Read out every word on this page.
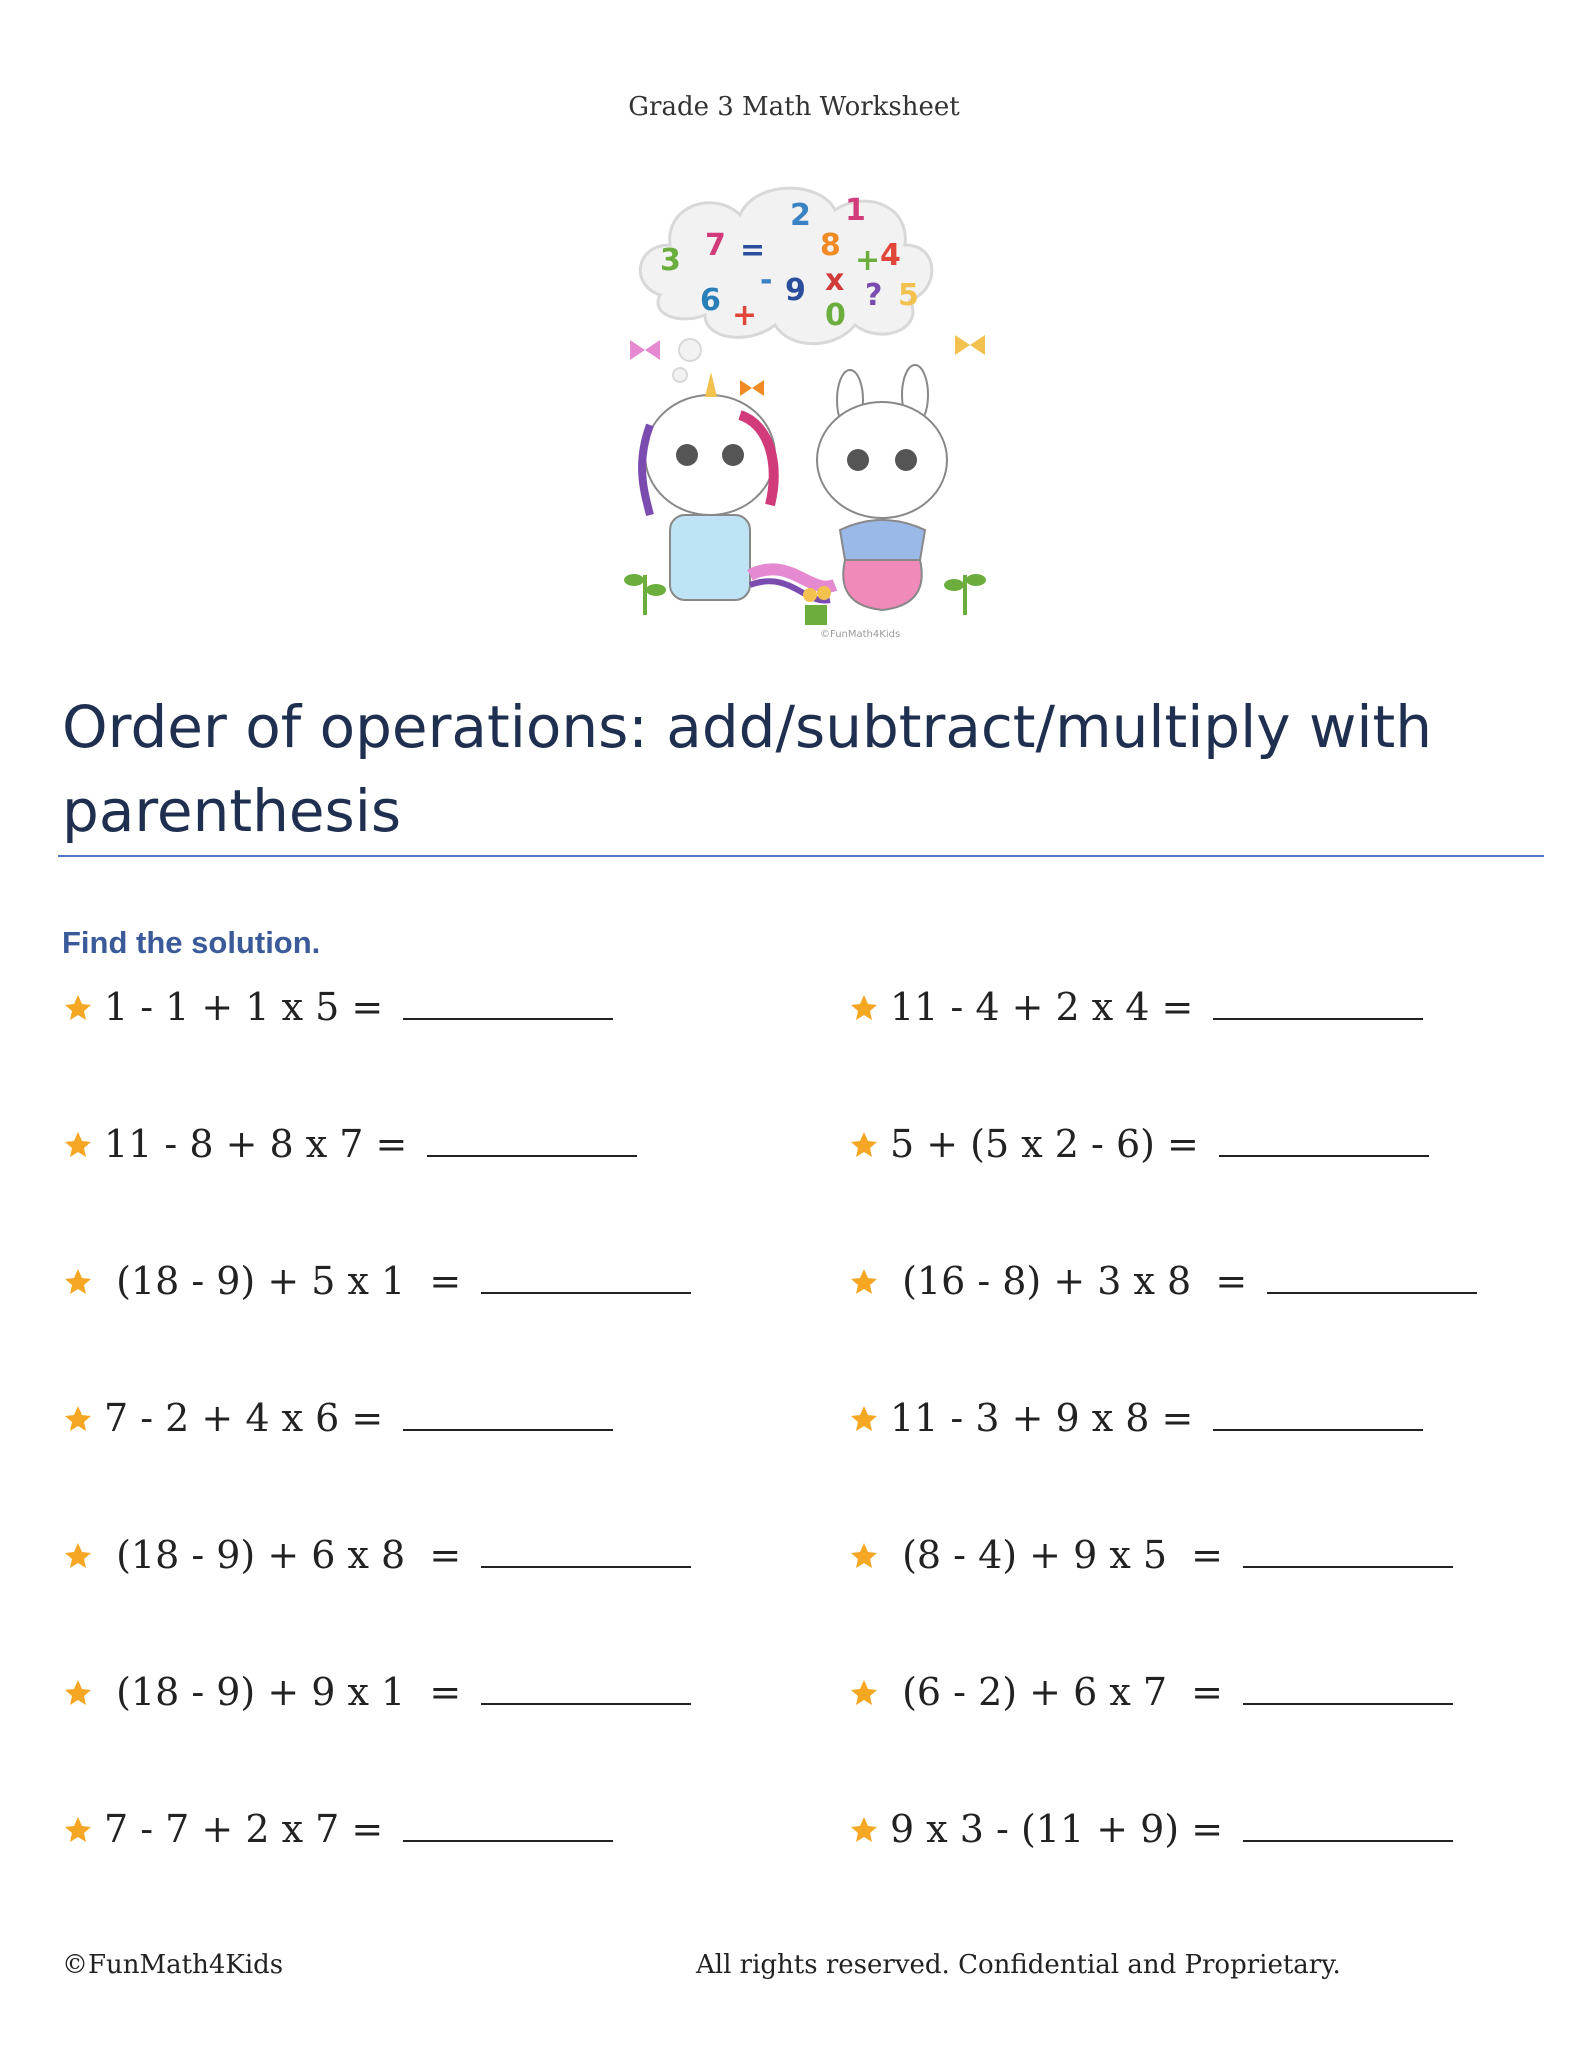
Grade 3 Math Worksheet
2 1
3 7 = 8 + 4
- 9 x
6 + 0
? 5
©FunMath4Kids
Order of operations: add/subtract/multiply with parenthesis
Find the solution.
1 - 1 + 1 x 5 =
11 - 8 + 8 x 7 =
(18 - 9) + 5 x 1  =
7 - 2 + 4 x 6 =
(18 - 9) + 6 x 8  =
(18 - 9) + 9 x 1  =
7 - 7 + 2 x 7 =
11 - 4 + 2 x 4 =
5 + (5 x 2 - 6) =
(16 - 8) + 3 x 8  =
11 - 3 + 9 x 8 =
(8 - 4) + 9 x 5  =
(6 - 2) + 6 x 7  =
9 x 3 - (11 + 9) =
©FunMath4Kids	All rights reserved. Confidential and Proprietary.
